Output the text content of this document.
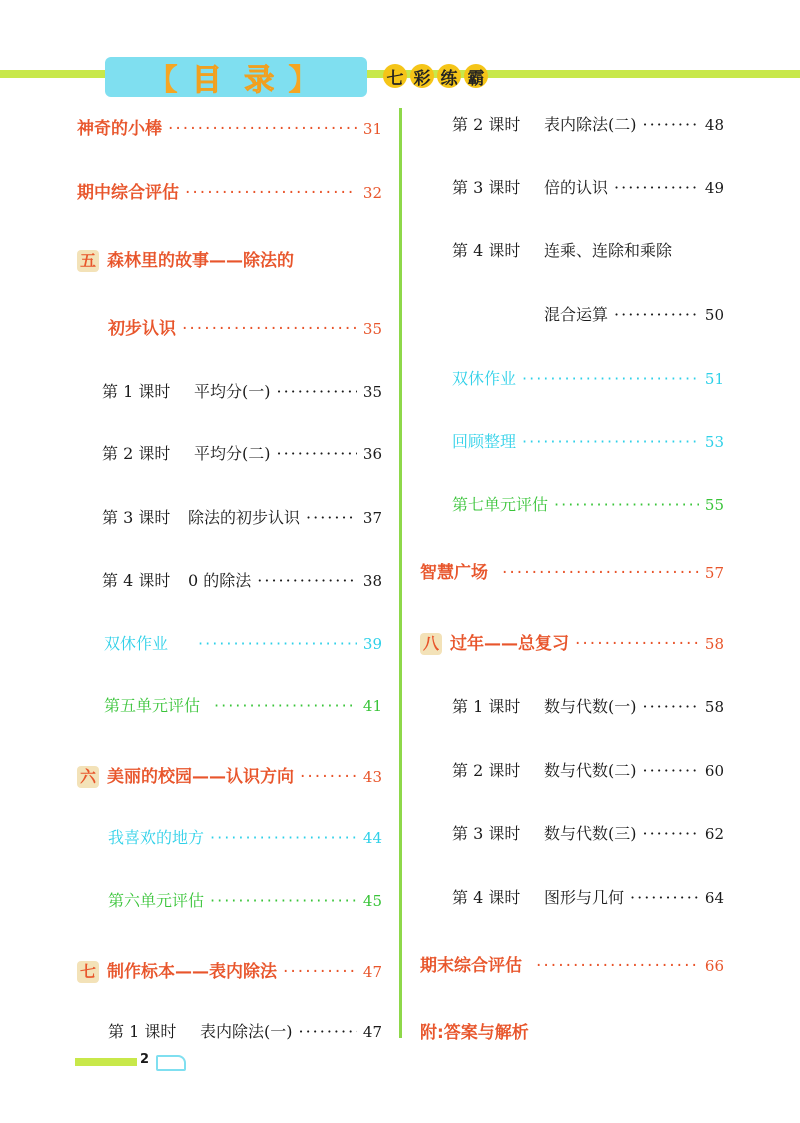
【 目 录 】	七 彩 练 霸
神奇的小棒 ·····	31
期中综合评估 ·····	32
五 森林里的故事——除法的
初步认识 ·····	35
第 1 课时	平均分(一) ·····	35
第 2 课时	平均分(二) ·····	36
第 3 课时	除法的初步认识 ·····	37
第 4 课时	0 的除法 ·····	38
双休作业 ·····	39
第五单元评估 ·····	41
六 美丽的校园——认识方向 ·····	43
我喜欢的地方 ·····	44
第六单元评估 ·····	45
七 制作标本——表内除法 ·····	47
第 1 课时	表内除法(一) ·····	47
第 2 课时	表内除法(二) ·····	48
第 3 课时	倍的认识 ·····	49
第 4 课时	连乘、连除和乘除
混合运算 ·····	50
双休作业 ·····	51
回顾整理 ·····	53
第七单元评估 ·····	55
智慧广场 ·····	57
八 过年——总复习 ·····	58
第 1 课时	数与代数(一) ·····	58
第 2 课时	数与代数(二) ·····	60
第 3 课时	数与代数(三) ·····	62
第 4 课时	图形与几何 ·····	64
期末综合评估 ·····	66
附:答案与解析
2
